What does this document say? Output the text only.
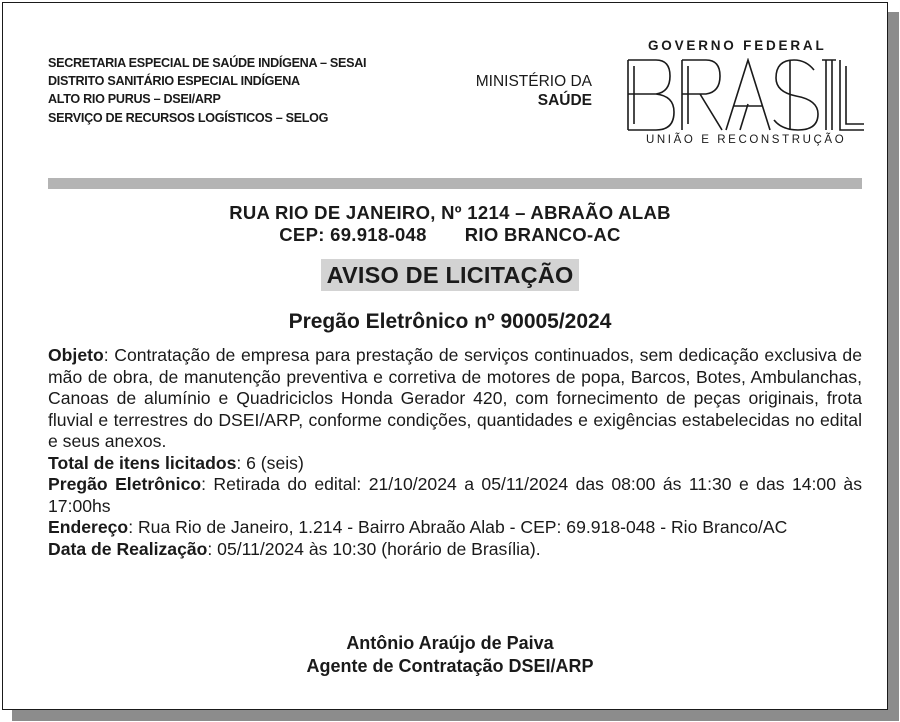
SECRETARIA ESPECIAL DE SAÚDE INDÍGENA – SESAI
DISTRITO SANITÁRIO ESPECIAL INDÍGENA
ALTO RIO PURUS – DSEI/ARP
SERVIÇO DE RECURSOS LOGÍSTICOS – SELOG
MINISTÉRIO DA
SAÚDE
GOVERNO FEDERAL
UNIÃO E RECONSTRUÇÃO
RUA RIO DE JANEIRO, Nº 1214 – ABRAÃO ALAB
CEP: 69.918-048 RIO BRANCO-AC
AVISO DE LICITAÇÃO
Pregão Eletrônico nº 90005/2024

Objeto: Contratação de empresa para prestação de serviços continuados, sem dedicação exclusiva de mão de obra, de manutenção preventiva e corretiva de motores de popa, Barcos, Botes, Ambulanchas, Canoas de alumínio e Quadriciclos Honda Gerador 420, com fornecimento de peças originais, frota fluvial e terrestres do DSEI/ARP, conforme condições, quantidades e exigências estabelecidas no edital e seus anexos.

Total de itens licitados: 6 (seis)

Pregão Eletrônico: Retirada do edital: 21/10/2024 a 05/11/2024 das 08:00 ás 11:30 e das 14:00 às 17:00hs

Endereço: Rua Rio de Janeiro, 1.214 - Bairro Abraão Alab - CEP: 69.918-048 - Rio Branco/AC

Data de Realização: 05/11/2024 às 10:30 (horário de Brasília).

Antônio Araújo de Paiva
Agente de Contratação DSEI/ARP
